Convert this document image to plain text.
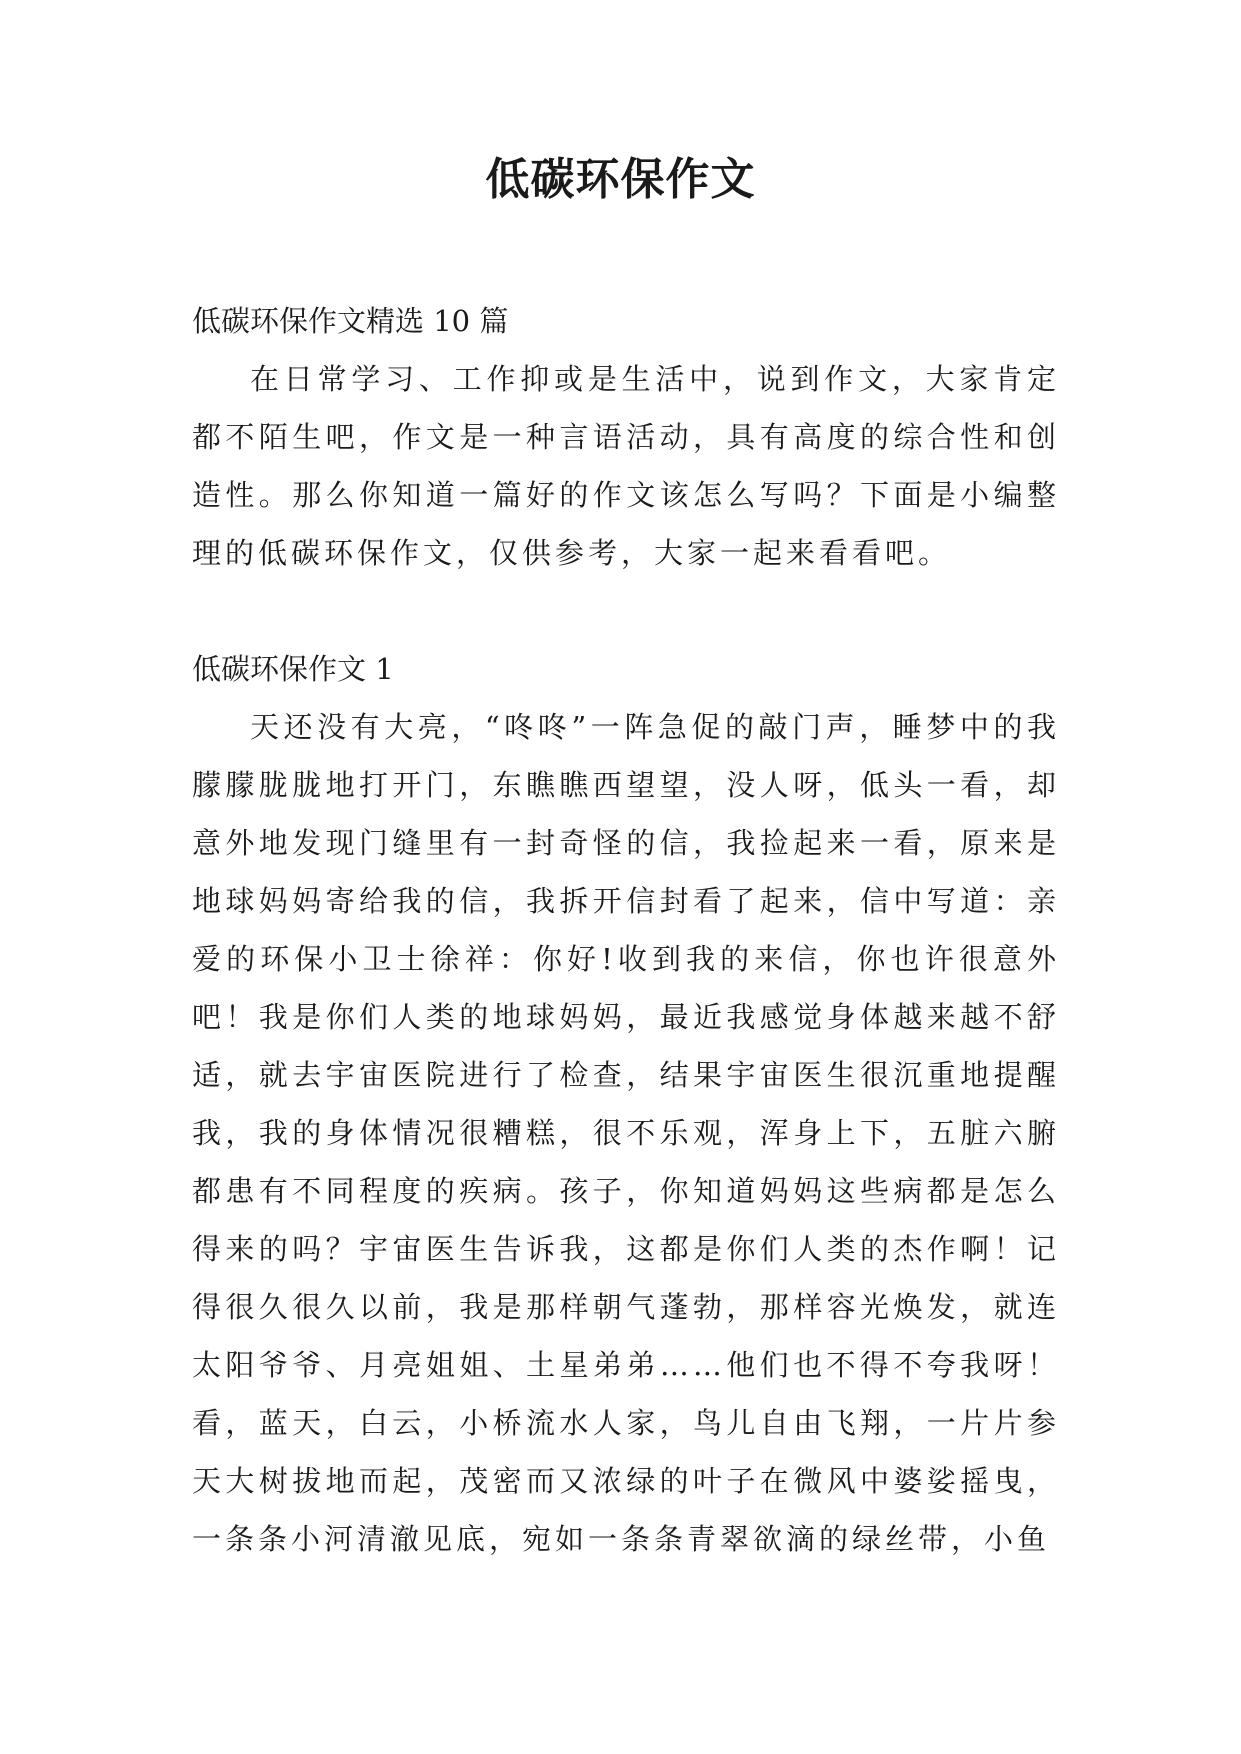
低碳环保作文

低碳环保作文精选 10 篇

在日常学习、工作抑或是生活中，说到作文，大家肯定都不陌生吧，作文是一种言语活动，具有高度的综合性和创造性。那么你知道一篇好的作文该怎么写吗？下面是小编整理的低碳环保作文，仅供参考，大家一起来看看吧。

低碳环保作文 1

天还没有大亮，“咚咚”一阵急促的敲门声，睡梦中的我朦朦胧胧地打开门，东瞧瞧西望望，没人呀，低头一看，却意外地发现门缝里有一封奇怪的信，我捡起来一看，原来是地球妈妈寄给我的信，我拆开信封看了起来，信中写道：亲爱的环保小卫士徐祥：你好!收到我的来信，你也许很意外吧！我是你们人类的地球妈妈，最近我感觉身体越来越不舒适，就去宇宙医院进行了检查，结果宇宙医生很沉重地提醒我，我的身体情况很糟糕，很不乐观，浑身上下，五脏六腑都患有不同程度的疾病。孩子，你知道妈妈这些病都是怎么得来的吗？宇宙医生告诉我，这都是你们人类的杰作啊！记得很久很久以前，我是那样朝气蓬勃，那样容光焕发，就连太阳爷爷、月亮姐姐、土星弟弟……他们也不得不夸我呀！看，蓝天，白云，小桥流水人家，鸟儿自由飞翔，一片片参天大树拔地而起，茂密而又浓绿的叶子在微风中婆娑摇曳，一条条小河清澈见底，宛如一条条青翠欲滴的绿丝带，小鱼
